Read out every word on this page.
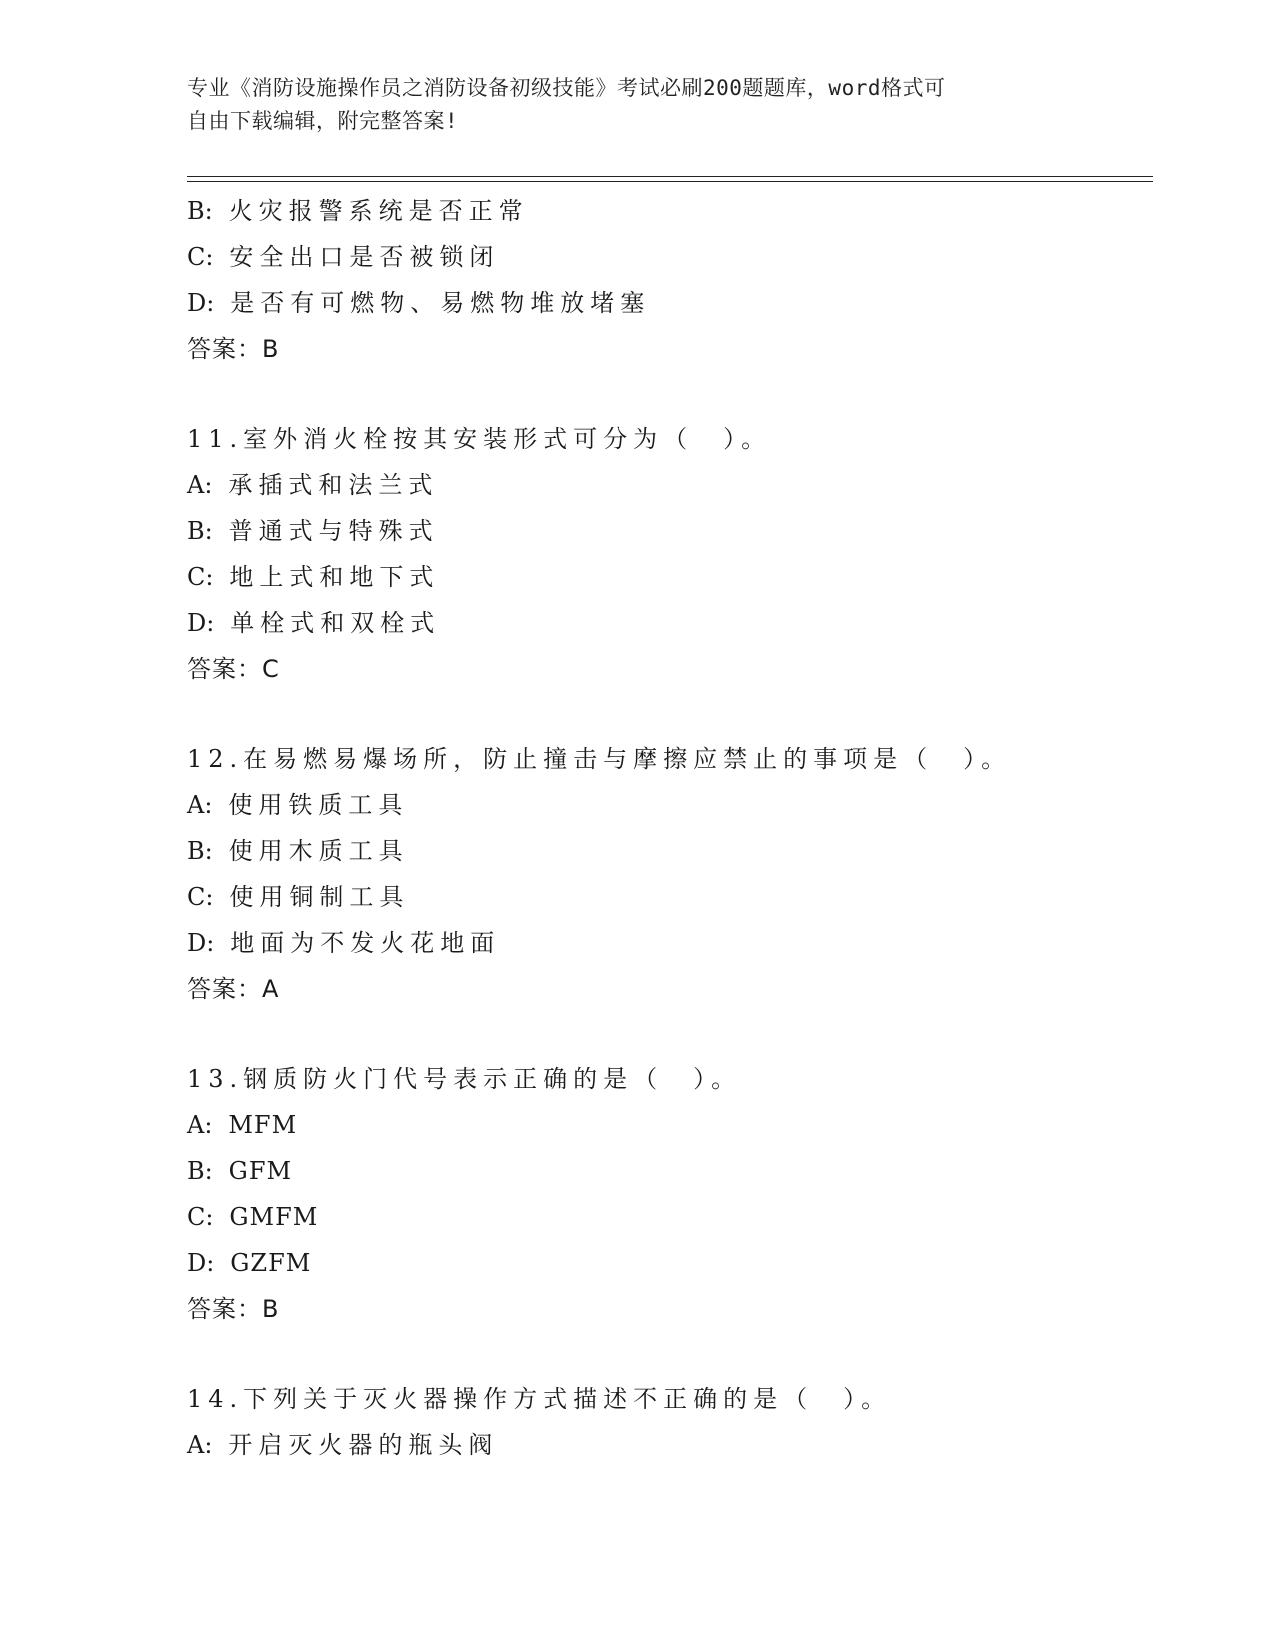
专业《消防设施操作员之消防设备初级技能》考试必刷200题题库，word格式可
自由下载编辑，附完整答案!
B: 火灾报警系统是否正常
C: 安全出口是否被锁闭
D: 是否有可燃物、易燃物堆放堵塞
答案：B
11.室外消火栓按其安装形式可分为（　）。
A: 承插式和法兰式
B: 普通式与特殊式
C: 地上式和地下式
D: 单栓式和双栓式
答案：C
12.在易燃易爆场所，防止撞击与摩擦应禁止的事项是（　）。
A: 使用铁质工具
B: 使用木质工具
C: 使用铜制工具
D: 地面为不发火花地面
答案：A
13.钢质防火门代号表示正确的是（　）。
A: MFM
B: GFM
C: GMFM
D: GZFM
答案：B
14.下列关于灭火器操作方式描述不正确的是（　）。
A: 开启灭火器的瓶头阀
